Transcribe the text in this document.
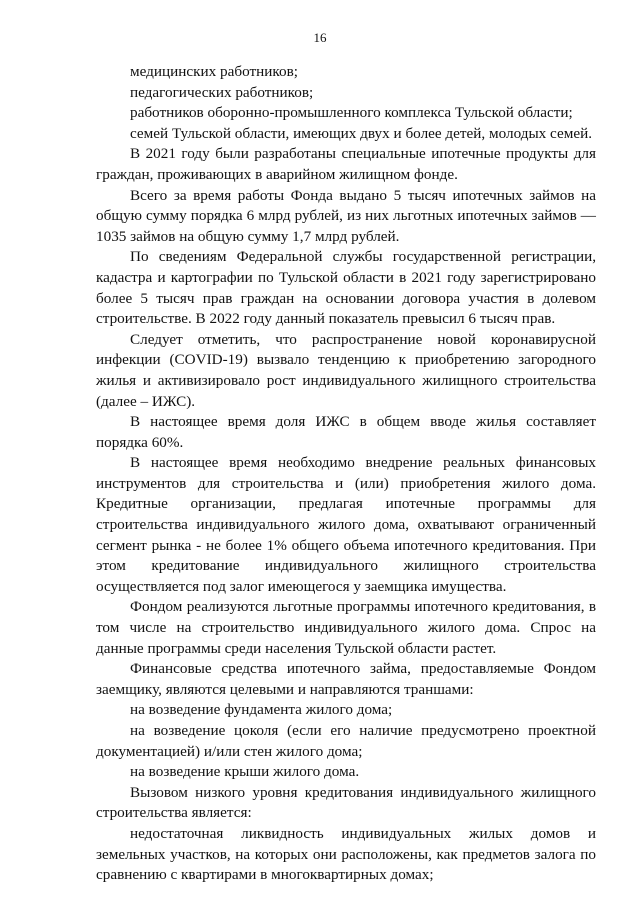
16

медицинских работников;

педагогических работников;

работников оборонно-промышленного комплекса Тульской области;

семей Тульской области, имеющих двух и более детей, молодых семей.

В 2021 году были разработаны специальные ипотечные продукты для граждан, проживающих в аварийном жилищном фонде.

Всего за время работы Фонда выдано 5 тысяч ипотечных займов на общую сумму порядка 6 млрд рублей, из них льготных ипотечных займов — 1035 займов на общую сумму 1,7 млрд рублей.

По сведениям Федеральной службы государственной регистрации, кадастра и картографии по Тульской области в 2021 году зарегистрировано более 5 тысяч прав граждан на основании договора участия в долевом строительстве. В 2022 году данный показатель превысил 6 тысяч прав.

Следует отметить, что распространение новой коронавирусной инфекции (COVID-19) вызвало тенденцию к приобретению загородного жилья и активизировало рост индивидуального жилищного строительства (далее – ИЖС).

В настоящее время доля ИЖС в общем вводе жилья составляет порядка 60%.

В настоящее время необходимо внедрение реальных финансовых инструментов для строительства и (или) приобретения жилого дома. Кредитные организации, предлагая ипотечные программы для строительства индивидуального жилого дома, охватывают ограниченный сегмент рынка - не более 1% общего объема ипотечного кредитования. При этом кредитование индивидуального жилищного строительства осуществляется под залог имеющегося у заемщика имущества.

Фондом реализуются льготные программы ипотечного кредитования, в том числе на строительство индивидуального жилого дома. Спрос на данные программы среди населения Тульской области растет.

Финансовые средства ипотечного займа, предоставляемые Фондом заемщику, являются целевыми и направляются траншами:

на возведение фундамента жилого дома;

на возведение цоколя (если его наличие предусмотрено проектной документацией) и/или стен жилого дома;

на возведение крыши жилого дома.

Вызовом низкого уровня кредитования индивидуального жилищного строительства является:

недостаточная ликвидность индивидуальных жилых домов и земельных участков, на которых они расположены, как предметов залога по сравнению с квартирами в многоквартирных домах;
